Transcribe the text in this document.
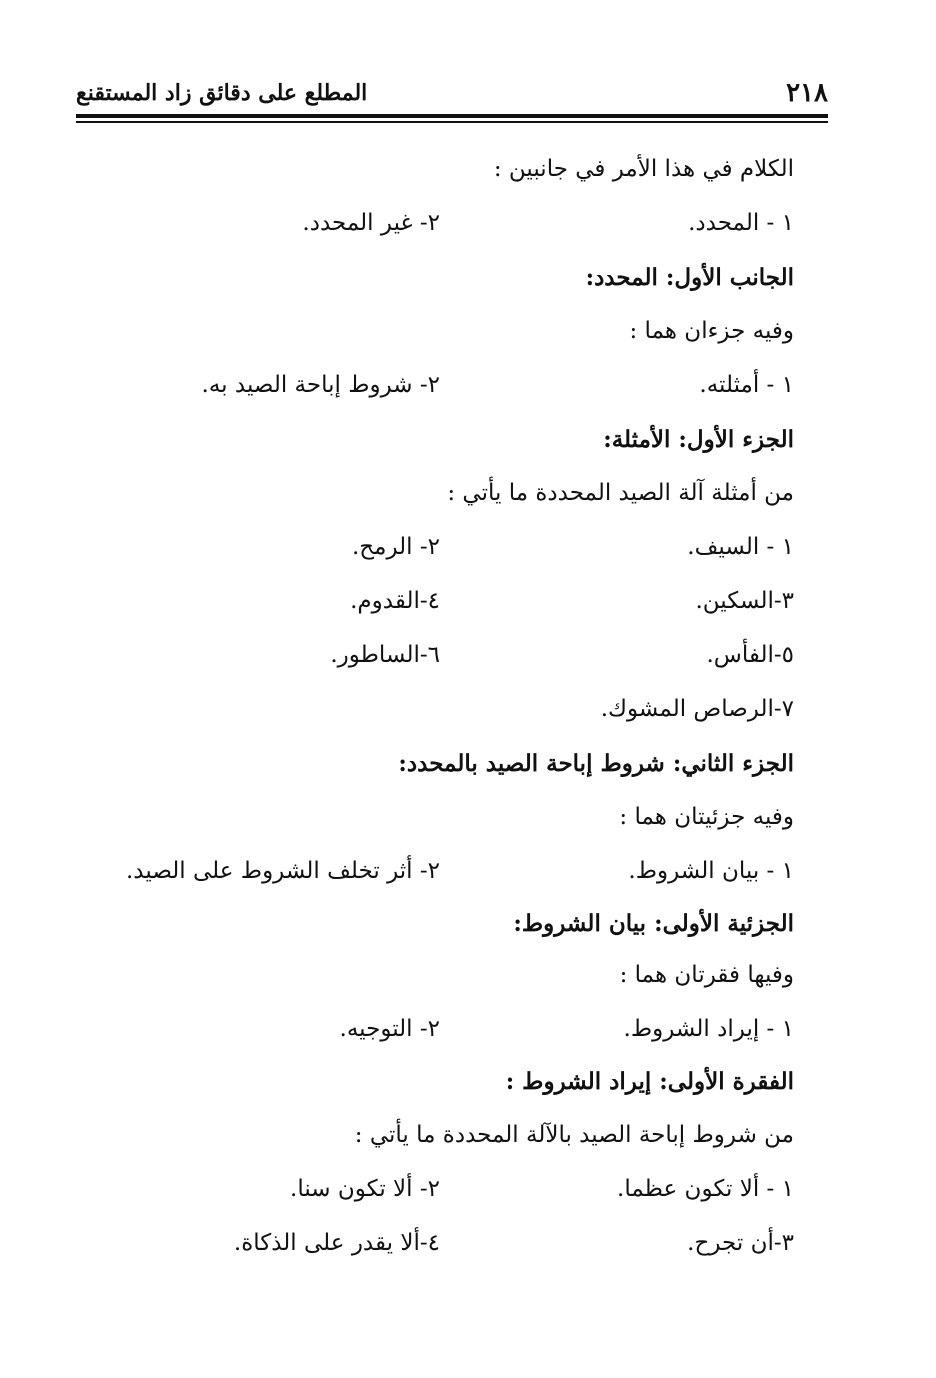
٢١٨
المطلع على دقائق زاد المستقنع
الكلام في هذا الأمر في جانبين :
١ - المحدد.
٢- غير المحدد.
الجانب الأول: المحدد:
وفيه جزءان هما :
١ - أمثلته.
٢- شروط إباحة الصيد به.
الجزء الأول: الأمثلة:
من أمثلة آلة الصيد المحددة ما يأتي :
١ - السيف.
٢- الرمح.
٣-السكين.
٤-القدوم.
٥-الفأس.
٦-الساطور.
٧-الرصاص المشوك.
الجزء الثاني: شروط إباحة الصيد بالمحدد:
وفيه جزئيتان هما :
١ - بيان الشروط.
٢- أثر تخلف الشروط على الصيد.
الجزئية الأولى: بيان الشروط:
وفيها فقرتان هما :
١ - إيراد الشروط.
٢- التوجيه.
الفقرة الأولى: إيراد الشروط :
من شروط إباحة الصيد بالآلة المحددة ما يأتي :
١ - ألا تكون عظما.
٢- ألا تكون سنا.
٣-أن تجرح.
٤-ألا يقدر على الذكاة.
